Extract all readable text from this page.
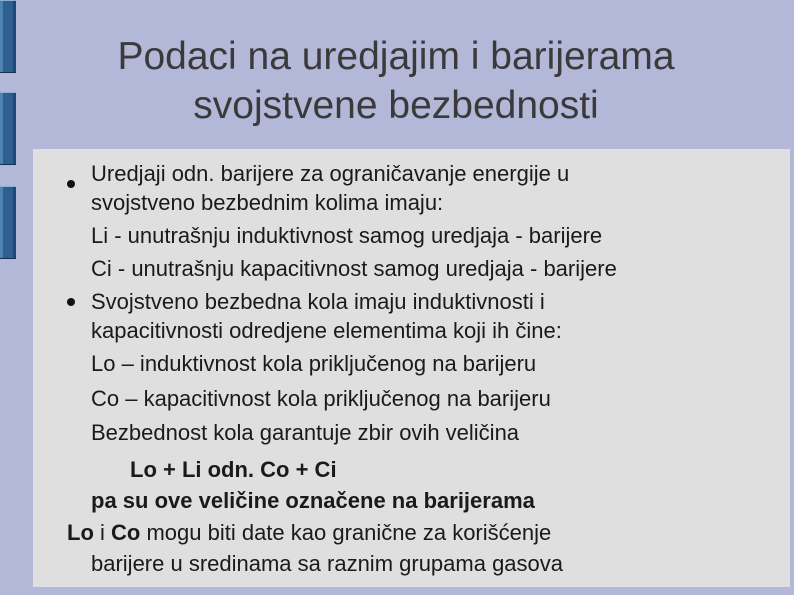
Podaci na uredjajim i barijerama
svojstvene bezbednosti
Uredjaji odn. barijere za ograničavanje energije u
svojstveno bezbednim kolima imaju:
Li - unutrašnju induktivnost samog uredjaja - barijere
Ci - unutrašnju kapacitivnost samog uredjaja - barijere
Svojstveno bezbedna kola imaju induktivnosti i
kapacitivnosti odredjene elementima koji ih čine:
Lo – induktivnost kola priključenog na barijeru
Co – kapacitivnost kola priključenog na barijeru
Bezbednost kola garantuje zbir ovih veličina
Lo + Li odn. Co + Ci
pa su ove veličine označene na barijerama
Lo i Co mogu biti date kao granične za korišćenje
barijere u sredinama sa raznim grupama gasova
